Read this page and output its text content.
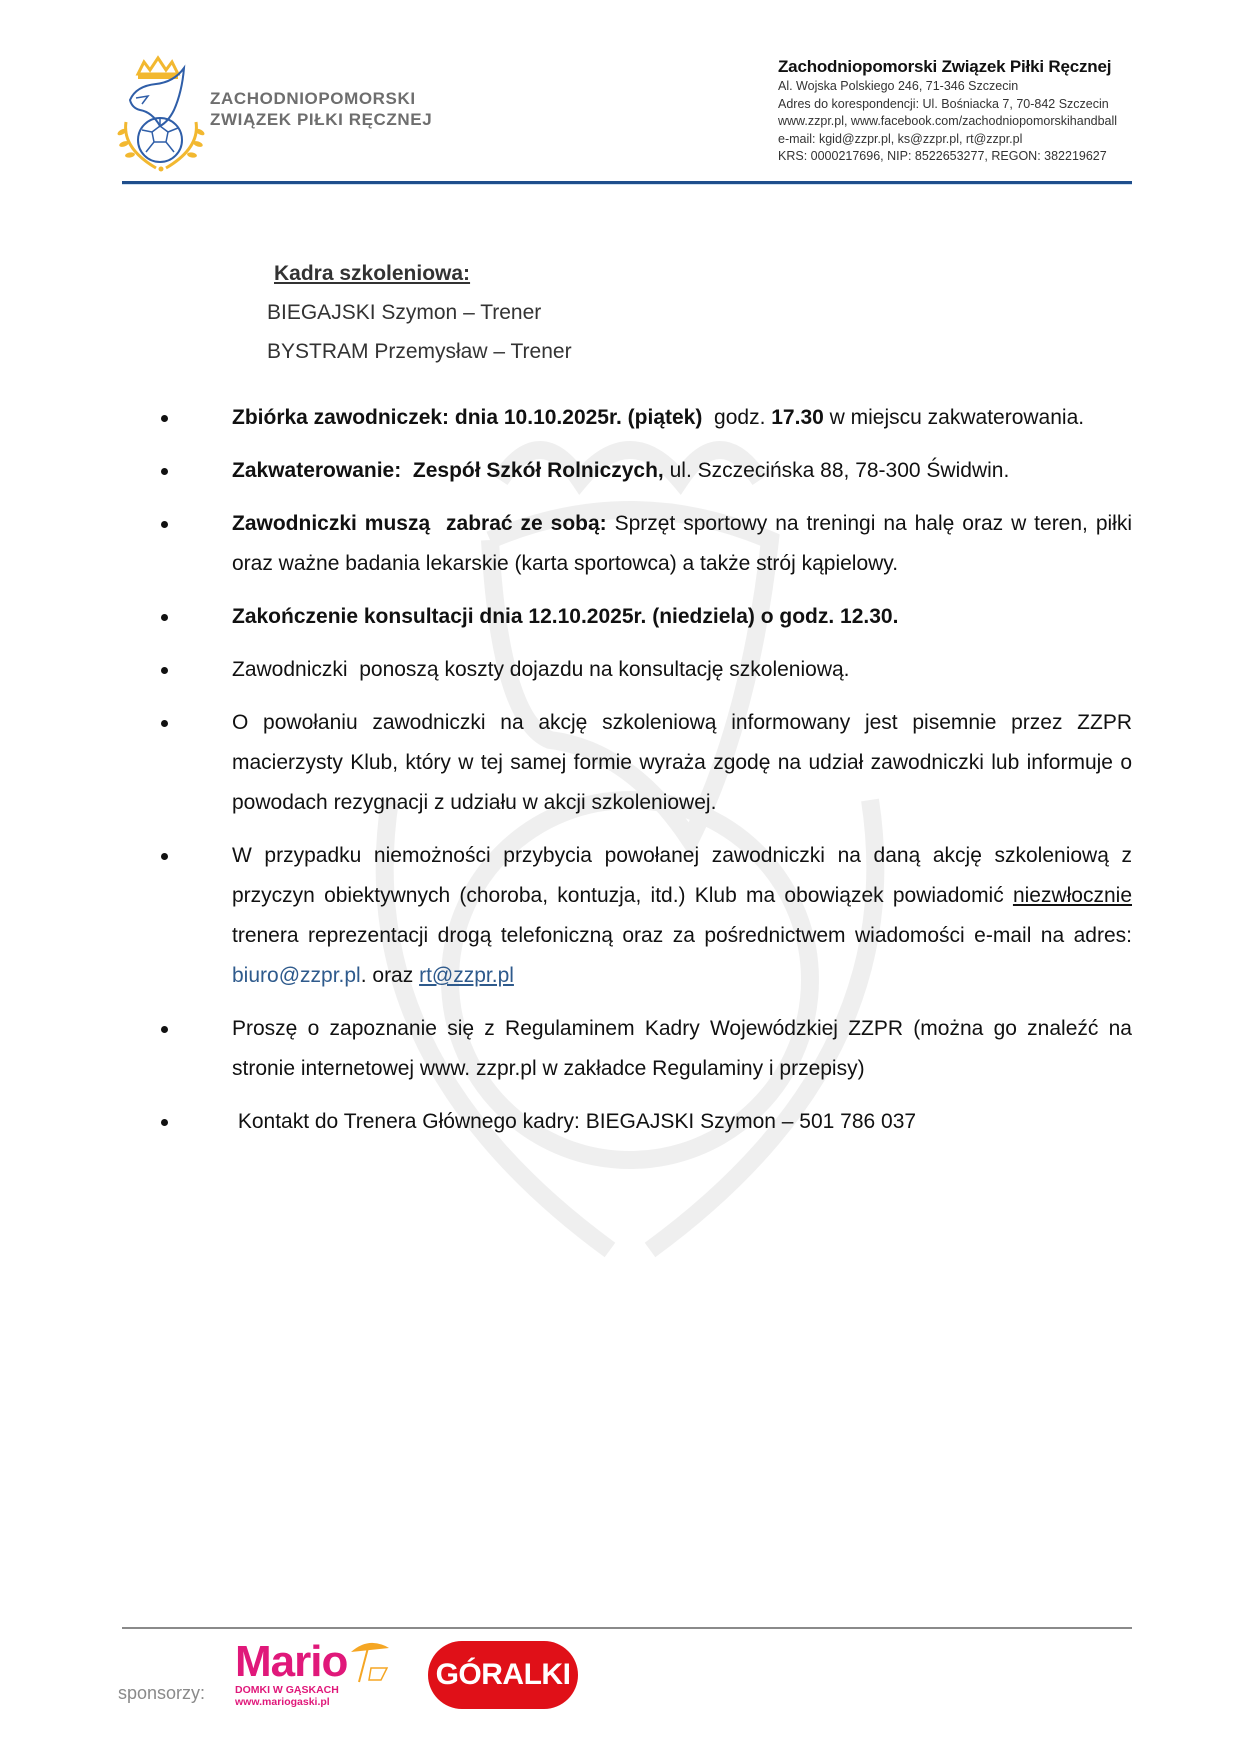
ZACHODNIOPOMORSKI
ZWIĄZEK PIŁKI RĘCZNEJ
Zachodniopomorski Związek Piłki Ręcznej
Al. Wojska Polskiego 246, 71-346 Szczecin
Adres do korespondencji: Ul. Bośniacka 7, 70-842 Szczecin
www.zzpr.pl, www.facebook.com/zachodniopomorskihandball
e-mail: kgid@zzpr.pl, ks@zzpr.pl, rt@zzpr.pl
KRS: 0000217696, NIP: 8522653277, REGON: 382219627
Kadra szkoleniowa:
BIEGAJSKI Szymon – Trener
BYSTRAM Przemysław – Trener
Zbiórka zawodniczek: dnia 10.10.2025r. (piątek)  godz. 17.30 w miejscu zakwaterowania.
Zakwaterowanie:  Zespół Szkół Rolniczych, ul. Szczecińska 88, 78-300 Świdwin.
Zawodniczki muszą  zabrać ze sobą: Sprzęt sportowy na treningi na halę oraz w teren, piłki oraz ważne badania lekarskie (karta sportowca) a także strój kąpielowy.
Zakończenie konsultacji dnia 12.10.2025r. (niedziela) o godz. 12.30.
Zawodniczki  ponoszą koszty dojazdu na konsultację szkoleniową.
O powołaniu zawodniczki na akcję szkoleniową informowany jest pisemnie przez ZZPR macierzysty Klub, który w tej samej formie wyraża zgodę na udział zawodniczki lub informuje o powodach rezygnacji z udziału w akcji szkoleniowej.
W przypadku niemożności przybycia powołanej zawodniczki na daną akcję szkoleniową z przyczyn obiektywnych (choroba, kontuzja, itd.) Klub ma obowiązek powiadomić niezwłocznie trenera reprezentacji drogą telefoniczną oraz za pośrednictwem wiadomości e-mail na adres: biuro@zzpr.pl. oraz rt@zzpr.pl
Proszę o zapoznanie się z Regulaminem Kadry Wojewódzkiej ZZPR (można go znaleźć na stronie internetowej www. zzpr.pl w zakładce Regulaminy i przepisy)
Kontakt do Trenera Głównego kadry: BIEGAJSKI Szymon – 501 786 037
sponsorzy:
Mario
DOMKI W GĄSKACH
www.mariogaski.pl
GÓRALKI
